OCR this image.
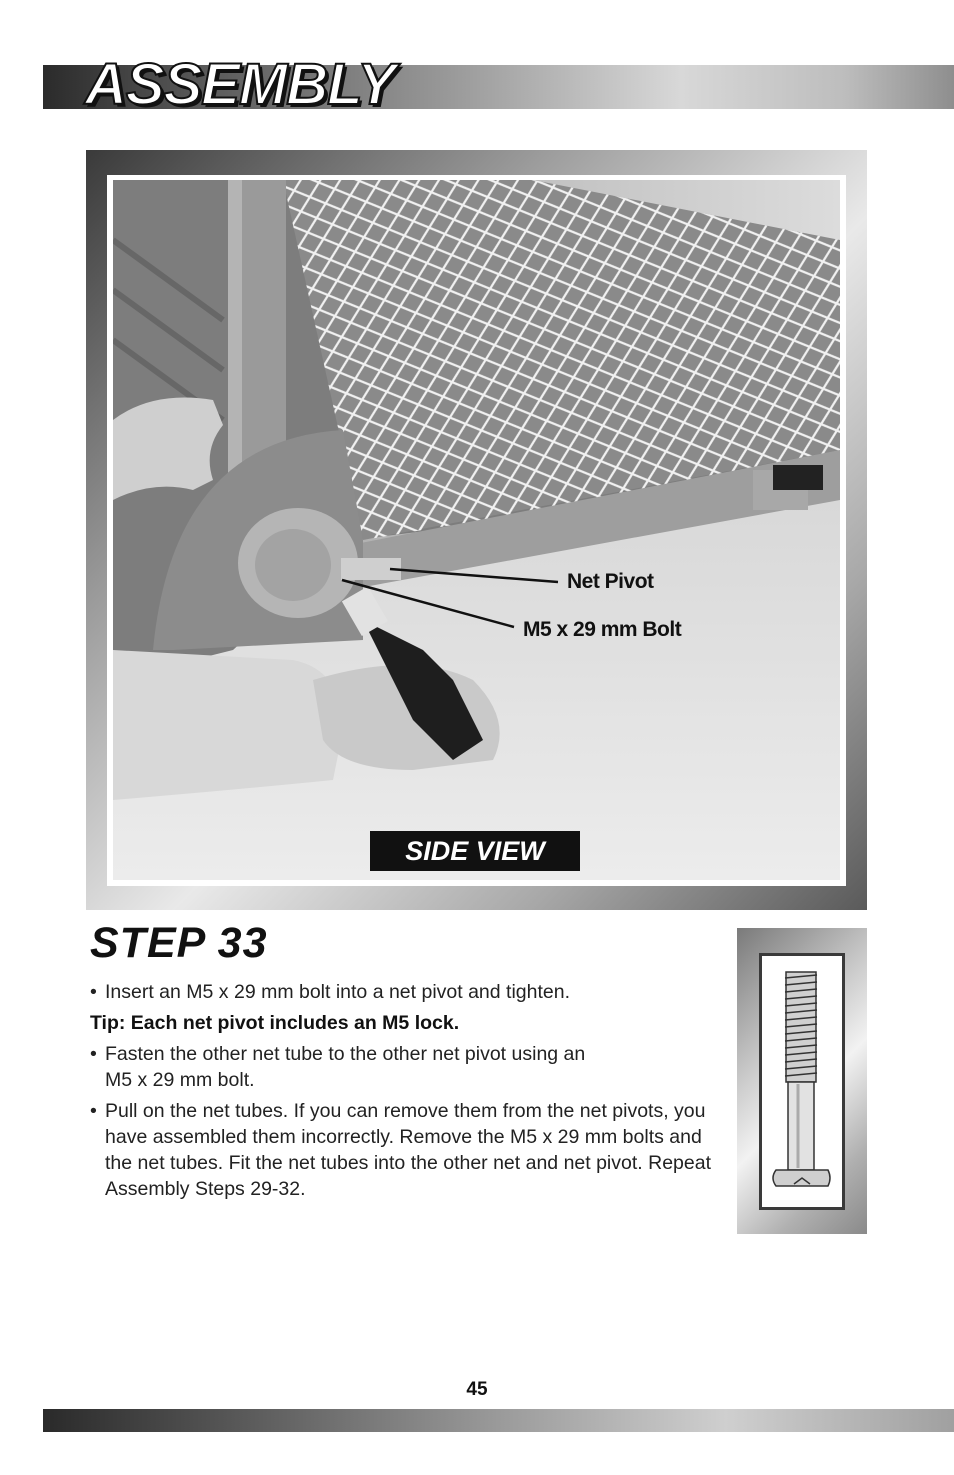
ASSEMBLY
Net Pivot
M5 x 29 mm Bolt
SIDE VIEW
STEP 33
• Insert an M5 x 29 mm bolt into a net pivot and tighten.
Tip: Each net pivot includes an M5 lock.
• Fasten the other net tube to the other net pivot using an M5 x 29 mm bolt.
• Pull on the net tubes. If you can remove them from the net pivots, you have assembled them incorrectly. Remove the M5 x 29 mm bolts and the net tubes. Fit the net tubes into the other net and net pivot. Repeat Assembly Steps 29-32.
45
